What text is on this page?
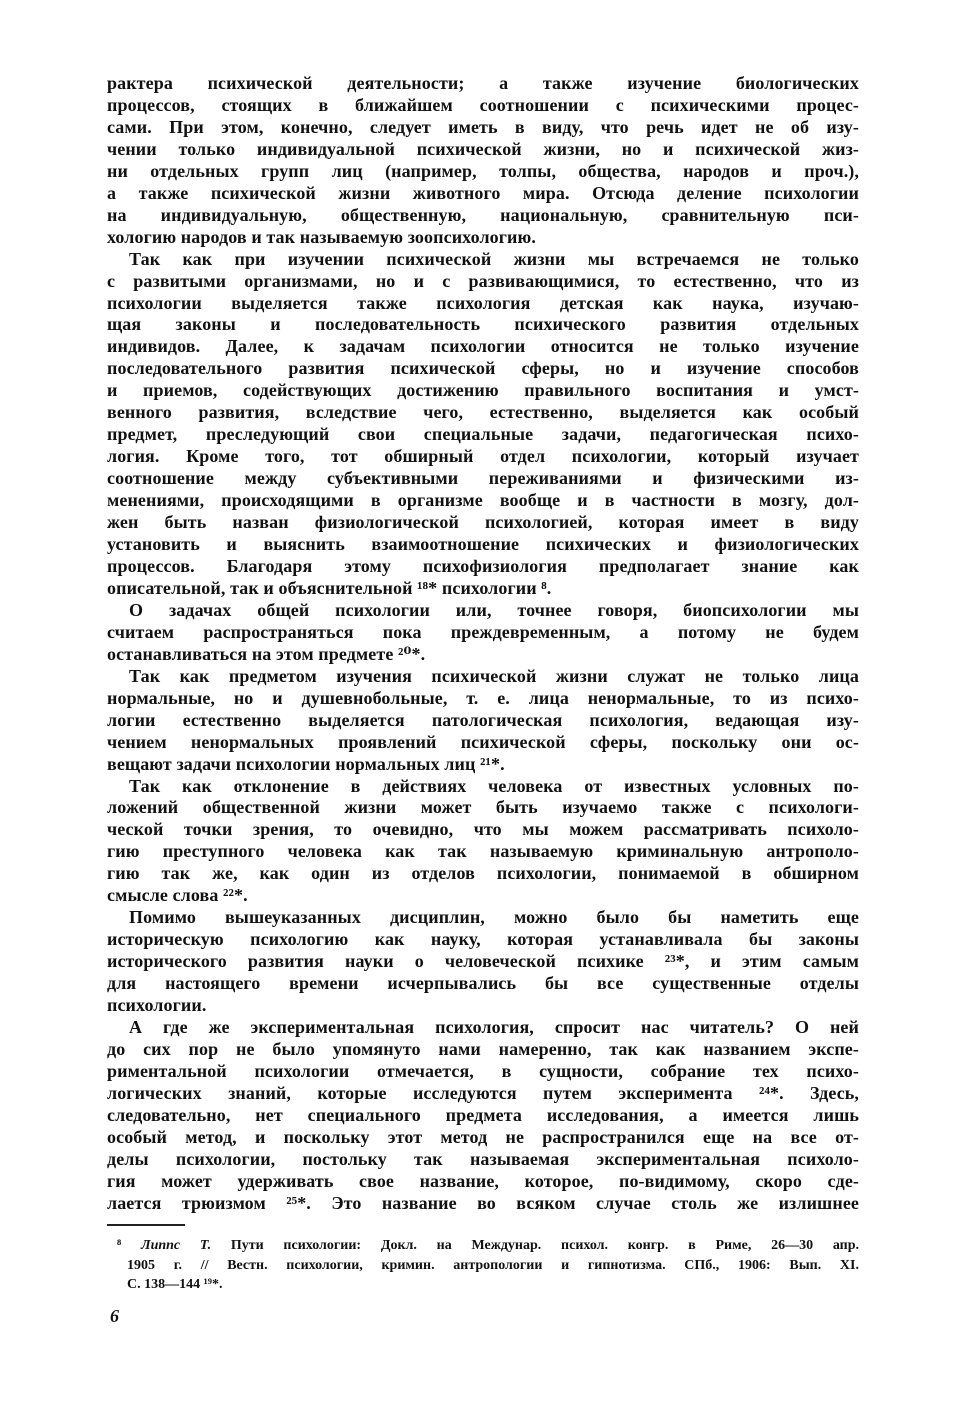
рактера психической деятельности; а также изучение биологических
процессов, стоящих в ближайшем соотношении с психическими процес-
сами. При этом, конечно, следует иметь в виду, что речь идет не об изу-
чении только индивидуальной психической жизни, но и психической жиз-
ни отдельных групп лиц (например, толпы, общества, народов и проч.),
а также психической жизни животного мира. Отсюда деление психологии
на индивидуальную, общественную, национальную, сравнительную пси-
хологию народов и так называемую зоопсихологию.
Так как при изучении психической жизни мы встречаемся не только
с развитыми организмами, но и с развивающимися, то естественно, что из
психологии выделяется также психология детская как наука, изучаю-
щая законы и последовательность психического развития отдельных
индивидов. Далее, к задачам психологии относится не только изучение
последовательного развития психической сферы, но и изучение способов
и приемов, содействующих достижению правильного воспитания и умст-
венного развития, вследствие чего, естественно, выделяется как особый
предмет, преследующий свои специальные задачи, педагогическая психо-
логия. Кроме того, тот обширный отдел психологии, который изучает
соотношение между субъективными переживаниями и физическими из-
менениями, происходящими в организме вообще и в частности в мозгу, дол-
жен быть назван физиологической психологией, которая имеет в виду
установить и выяснить взаимоотношение психических и физиологических
процессов. Благодаря этому психофизиология предполагает знание как
описательной, так и объяснительной ¹⁸* психологии ⁸.
О задачах общей психологии или, точнее говоря, биопсихологии мы
считаем распространяться пока преждевременным, а потому не будем
останавливаться на этом предмете ²⁰*.
Так как предметом изучения психической жизни служат не только лица
нормальные, но и душевнобольные, т. е. лица ненормальные, то из психо-
логии естественно выделяется патологическая психология, ведающая изу-
чением ненормальных проявлений психической сферы, поскольку они ос-
вещают задачи психологии нормальных лиц ²¹*.
Так как отклонение в действиях человека от известных условных по-
ложений общественной жизни может быть изучаемо также с психологи-
ческой точки зрения, то очевидно, что мы можем рассматривать психоло-
гию преступного человека как так называемую криминальную антрополо-
гию так же, как один из отделов психологии, понимаемой в обширном
смысле слова ²²*.
Помимо вышеуказанных дисциплин, можно было бы наметить еще
историческую психологию как науку, которая устанавливала бы законы
исторического развития науки о человеческой психике ²³*, и этим самым
для настоящего времени исчерпывались бы все существенные отделы
психологии.
А где же экспериментальная психология, спросит нас читатель? О ней
до сих пор не было упомянуто нами намеренно, так как названием экспе-
риментальной психологии отмечается, в сущности, собрание тех психо-
логических знаний, которые исследуются путем эксперимента ²⁴*. Здесь,
следовательно, нет специального предмета исследования, а имеется лишь
особый метод, и поскольку этот метод не распространился еще на все от-
делы психологии, постольку так называемая экспериментальная психоло-
гия может удерживать свое название, которое, по-видимому, скоро сде-
лается трюизмом ²⁵*. Это название во всяком случае столь же излишнее
⁸ Липпс Т. Пути психологии: Докл. на Междунар. психол. конгр. в Риме, 26—30 апр.
1905 г. // Вестн. психологии, кримин. антропологии и гипнотизма. СПб., 1906: Вып. XI.
С. 138—144 ¹⁹*.
6
